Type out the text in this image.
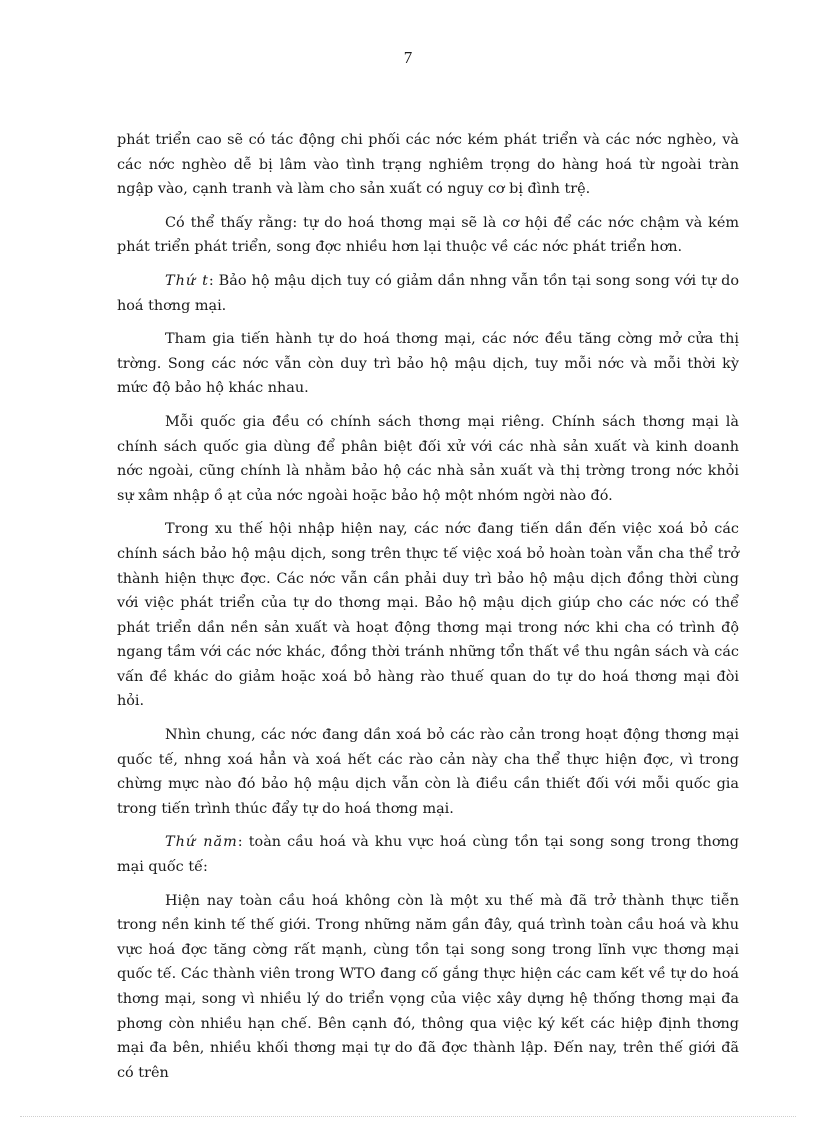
7

phát triển cao sẽ có tác động chi phối các nớc kém phát triển và các nớc nghèo, và các nớc nghèo dễ bị lâm vào tình trạng nghiêm trọng do hàng hoá từ ngoài tràn ngập vào, cạnh tranh và làm cho sản xuất có nguy cơ bị đình trệ.

Có thể thấy rằng: tự do hoá thơng mại sẽ là cơ hội để các nớc chậm và kém phát triển phát triển, song đợc nhiều hơn lại thuộc về các nớc phát triển hơn.

Thứ t: Bảo hộ mậu dịch tuy có giảm dần nhng vẫn tồn tại song song với tự do hoá thơng mại.

Tham gia tiến hành tự do hoá thơng mại, các nớc đều tăng cờng mở cửa thị trờng. Song các nớc vẫn còn duy trì bảo hộ mậu dịch, tuy mỗi nớc và mỗi thời kỳ mức độ bảo hộ khác nhau.

Mỗi quốc gia đều có chính sách thơng mại riêng. Chính sách thơng mại là chính sách quốc gia dùng để phân biệt đối xử với các nhà sản xuất và kinh doanh nớc ngoài, cũng chính là nhằm bảo hộ các nhà sản xuất và thị trờng trong nớc khỏi sự xâm nhập ồ ạt của nớc ngoài hoặc bảo hộ một nhóm ngời nào đó.

Trong xu thế hội nhập hiện nay, các nớc đang tiến dần đến việc xoá bỏ các chính sách bảo hộ mậu dịch, song trên thực tế việc xoá bỏ hoàn toàn vẫn cha thể trở thành hiện thực đợc. Các nớc vẫn cần phải duy trì bảo hộ mậu dịch đồng thời cùng với việc phát triển của tự do thơng mại. Bảo hộ mậu dịch giúp cho các nớc có thể phát triển dần nền sản xuất và hoạt động thơng mại trong nớc khi cha có trình độ ngang tầm với các nớc khác, đồng thời tránh những tổn thất về thu ngân sách và các vấn đề khác do giảm hoặc xoá bỏ hàng rào thuế quan do tự do hoá thơng mại đòi hỏi.

Nhìn chung, các nớc đang dần xoá bỏ các rào cản trong hoạt động thơng mại quốc tế, nhng xoá hẳn và xoá hết các rào cản này cha thể thực hiện đợc, vì trong chừng mực nào đó bảo hộ mậu dịch vẫn còn là điều cần thiết đối với mỗi quốc gia trong tiến trình thúc đẩy tự do hoá thơng mại.

Thứ năm: toàn cầu hoá và khu vực hoá cùng tồn tại song song trong thơng mại quốc tế:

Hiện nay toàn cầu hoá không còn là một xu thế mà đã trở thành thực tiễn trong nền kinh tế thế giới. Trong những năm gần đây, quá trình toàn cầu hoá và khu vực hoá đợc tăng cờng rất mạnh, cùng tồn tại song song trong lĩnh vực thơng mại quốc tế. Các thành viên trong WTO đang cố gắng thực hiện các cam kết về tự do hoá thơng mại, song vì nhiều lý do triển vọng của việc xây dựng hệ thống thơng mại đa phơng còn nhiều hạn chế. Bên cạnh đó, thông qua việc ký kết các hiệp định thơng mại đa bên, nhiều khối thơng mại tự do đã đợc thành lập. Đến nay, trên thế giới đã có trên
